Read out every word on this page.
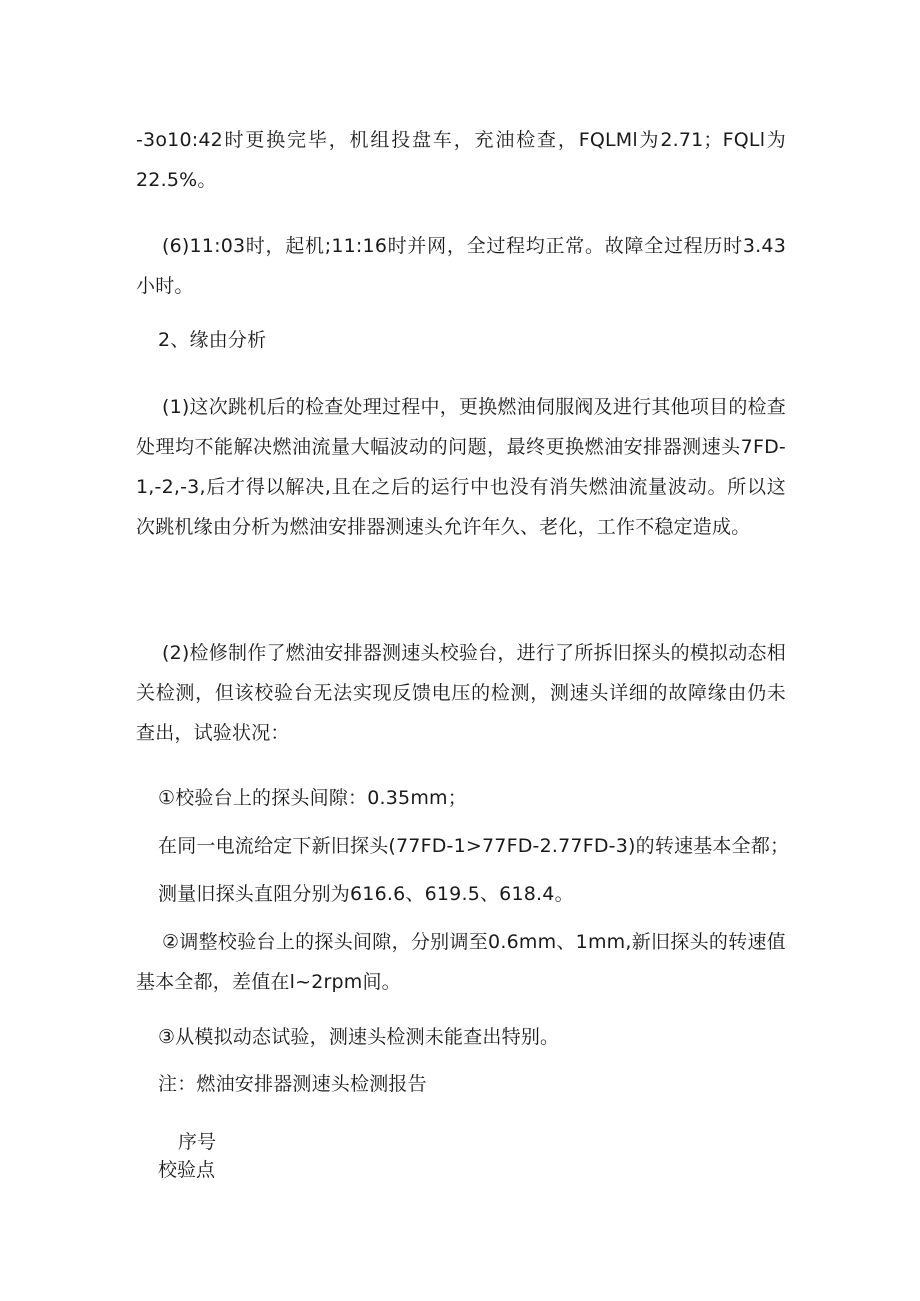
-3o10:42时更换完毕，机组投盘车，充油检查，FQLMl为2.71；FQLl为22.5%。

(6)11:03时，起机;11:16时并网，全过程均正常。故障全过程历时3.43小时。

2、缘由分析

(1)这次跳机后的检查处理过程中，更换燃油伺服阀及进行其他项目的检查处理均不能解决燃油流量大幅波动的问题，最终更换燃油安排器测速头7FD-1,-2,-3,后才得以解决,且在之后的运行中也没有消失燃油流量波动。所以这次跳机缘由分析为燃油安排器测速头允许年久、老化，工作不稳定造成。

(2)检修制作了燃油安排器测速头校验台，进行了所拆旧探头的模拟动态相关检测，但该校验台无法实现反馈电压的检测，测速头详细的故障缘由仍未查出，试验状况：

①校验台上的探头间隙：0.35mm；

在同一电流给定下新旧探头(77FD-1>77FD-2.77FD-3)的转速基本全都；

测量旧探头直阻分别为616.6、619.5、618.4。

②调整校验台上的探头间隙，分别调至0.6mm、1mm,新旧探头的转速值基本全都，差值在l~2rpm间。

③从模拟动态试验，测速头检测未能查出特别。

注：燃油安排器测速头检测报告

序号

校验点
